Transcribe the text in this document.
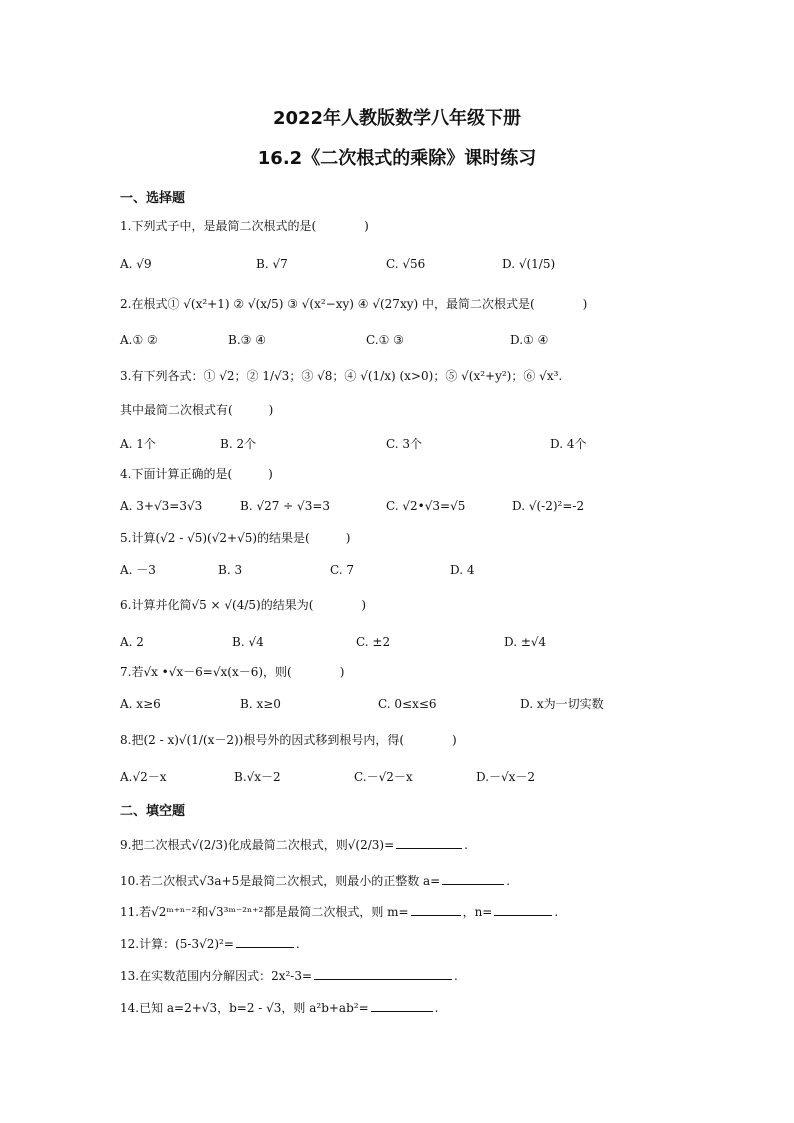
2022年人教版数学八年级下册
16.2《二次根式的乘除》课时练习
一、选择题
1.下列式子中，是最简二次根式的是(　　　　)
A. √9	B. √7	C. √56	D. √(1/5)
2.在根式① √(x²+1) ② √(x/5) ③ √(x²−xy) ④ √(27xy) 中，最简二次根式是(　　　　)
A.① ②	B.③ ④	C.① ③	D.① ④
3.有下列各式：① √2；② 1/√3；③ √8；④ √(1/x) (x>0)；⑤ √(x²+y²)；⑥ √x³.
其中最简二次根式有(　　　)
A. 1个	B. 2个	C. 3个	D. 4个
4.下面计算正确的是(　　　)
A. 3+√3=3√3	B. √27 ÷ √3=3	C. √2•√3=√5	D. √(-2)²=-2
5.计算(√2 - √5)(√2+√5)的结果是(　　　)
A. －3	B. 3	C. 7	D. 4
6.计算并化简√5 × √(4/5)的结果为(　　　　)
A. 2	B. √4	C. ±2	D. ±√4
7.若√x •√x－6=√x(x－6)，则(　　　　)
A. x≥6	B. x≥0	C. 0≤x≤6	D. x为一切实数
8.把(2 - x)√(1/(x－2))根号外的因式移到根号内，得(　　　　)
A.√2－x	B.√x－2	C.－√2－x	D.－√x－2
二、填空题
9.把二次根式√(2/3)化成最简二次根式，则√(2/3)=	.
10.若二次根式√3a+5是最简二次根式，则最小的正整数 a=	.
11.若√2ᵐ⁺ⁿ⁻²和√3³ᵐ⁻²ⁿ⁺²都是最简二次根式，则 m=	，n=	.
12.计算：(5-3√2)²=	.
13.在实数范围内分解因式：2x²-3=	.
14.已知 a=2+√3，b=2 - √3，则 a²b+ab²=	.
